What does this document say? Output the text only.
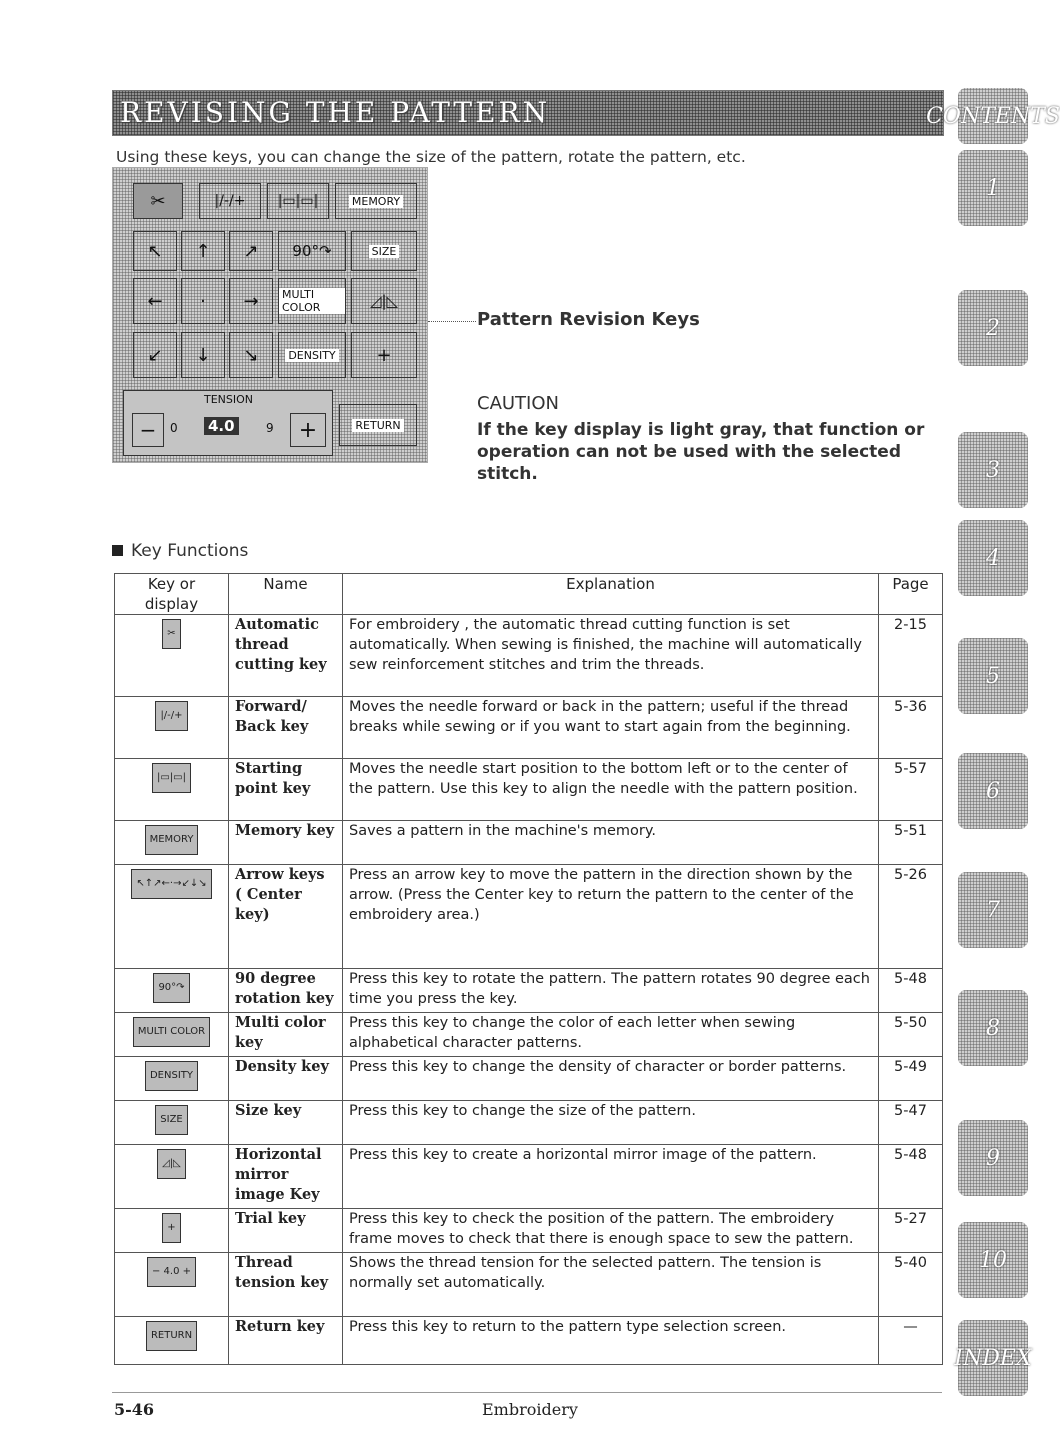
REVISING THE PATTERN
Using these keys, you can change the size of the pattern, rotate the pattern, etc.
✂	|/-/+ |▭|▭|	MEMORY
↖ ↑ ↗ 90°↷	SIZE
← · → MULTI COLOR	◿|◺
↙ ↓ ↘	DENSITY +
TENSION
−	0 4.0	9	+	RETURN
Pattern Revision Keys
CAUTION
If the key display is light gray, that function or operation can not be used with the selected stitch.
Key Functions
Key or display	Name	Explanation	Page
✂	Automatic thread cutting key	For embroidery , the automatic thread cutting function is set automatically. When sewing is finished, the machine will automatically sew reinforcement stitches and trim the threads.	2-15
|/-/+	Forward/ Back key	Moves the needle forward or back in the pattern; useful if the thread breaks while sewing or if you want to start again from the beginning.	5-36
|▭|▭|	Starting point key	Moves the needle start position to the bottom left or to the center of the pattern. Use this key to align the needle with the pattern position.	5-57
MEMORY	Memory key	Saves a pattern in the machine's memory.	5-51
↖↑↗←·→↙↓↘	Arrow keys ( Center key)	Press an arrow key to move the pattern in the direction shown by the arrow. (Press the Center key to return the pattern to the center of the embroidery area.)	5-26
90°↷	90 degree rotation key	Press this key to rotate the pattern. The pattern rotates 90 degree each time you press the key.	5-48
MULTI COLOR	Multi color key	Press this key to change the color of each letter when sewing alphabetical character patterns.	5-50
DENSITY	Density key	Press this key to change the density of character or border patterns.	5-49
SIZE	Size key	Press this key to change the size of the pattern.	5-47
◿|◺	Horizontal mirror image Key	Press this key to create a horizontal mirror image of the pattern.	5-48
+	Trial key	Press this key to check the position of the pattern. The embroidery frame moves to check that there is enough space to sew the pattern.	5-27
− 4.0 +	Thread tension key	Shows the thread tension for the selected pattern. The tension is normally set automatically.	5-40
RETURN	Return key	Press this key to return to the pattern type selection screen.	—
5-46	Embroidery
CONTENTS
1
2
3
4
5
6
7
8
9
10
INDEX
